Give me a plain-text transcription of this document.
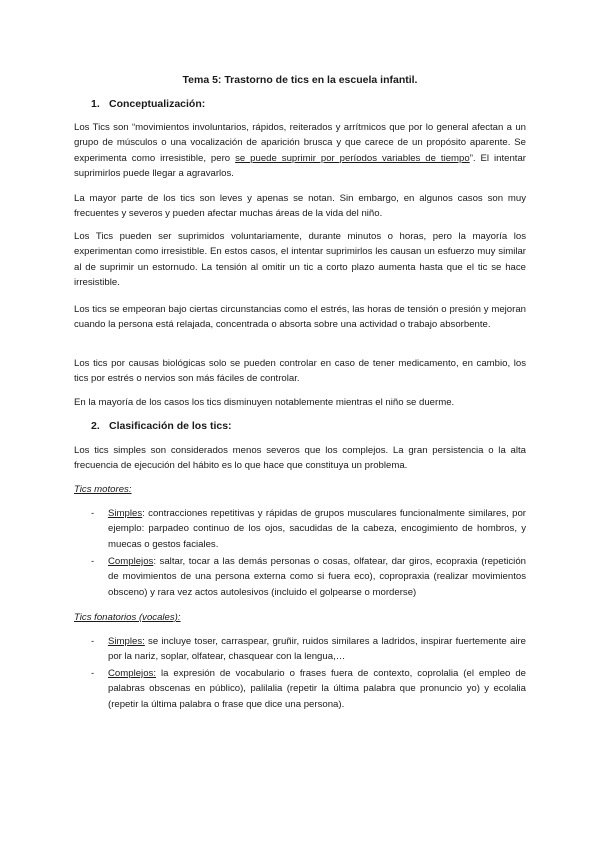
Tema 5: Trastorno de tics en la escuela infantil.
1. Conceptualización:

Los Tics son “movimientos involuntarios, rápidos, reiterados y arrítmicos que por lo general afectan a un grupo de músculos o una vocalización de aparición brusca y que carece de un propósito aparente. Se experimenta como irresistible, pero se puede suprimir por períodos variables de tiempo”. El intentar suprimirlos puede llegar a agravarlos.

La mayor parte de los tics son leves y apenas se notan. Sin embargo, en algunos casos son muy frecuentes y severos y pueden afectar muchas áreas de la vida del niño.

Los Tics pueden ser suprimidos voluntariamente, durante minutos o horas, pero la mayoría los experimentan como irresistible. En estos casos, el intentar suprimirlos les causan un esfuerzo muy similar al de suprimir un estornudo. La tensión al omitir un tic a corto plazo aumenta hasta que el tic se hace irresistible.

Los tics se empeoran bajo ciertas circunstancias como el estrés, las horas de tensión o presión y mejoran cuando la persona está relajada, concentrada o absorta sobre una actividad o trabajo absorbente.

Los tics por causas biológicas solo se pueden controlar en caso de tener medicamento, en cambio, los tics por estrés o nervios son más fáciles de controlar.

En la mayoría de los casos los tics disminuyen notablemente mientras el niño se duerme.

2. Clasificación de los tics:

Los tics simples son considerados menos severos que los complejos. La gran persistencia o la alta frecuencia de ejecución del hábito es lo que hace que constituya un problema.

Tics motores:
- Simples: contracciones repetitivas y rápidas de grupos musculares funcionalmente similares, por ejemplo: parpadeo continuo de los ojos, sacudidas de la cabeza, encogimiento de hombros, y muecas o gestos faciales.
- Complejos: saltar, tocar a las demás personas o cosas, olfatear, dar giros, ecopraxia (repetición de movimientos de una persona externa como si fuera eco), copropraxia (realizar movimientos obsceno) y rara vez actos autolesivos (incluido el golpearse o morderse)
Tics fonatorios (vocales):
- Simples: se incluye toser, carraspear, gruñir, ruidos similares a ladridos, inspirar fuertemente aire por la nariz, soplar, olfatear, chasquear con la lengua,…
- Complejos: la expresión de vocabulario o frases fuera de contexto, coprolalia (el empleo de palabras obscenas en público), palilalia (repetir la última palabra que pronuncio yo) y ecolalia (repetir la última palabra o frase que dice una persona).
